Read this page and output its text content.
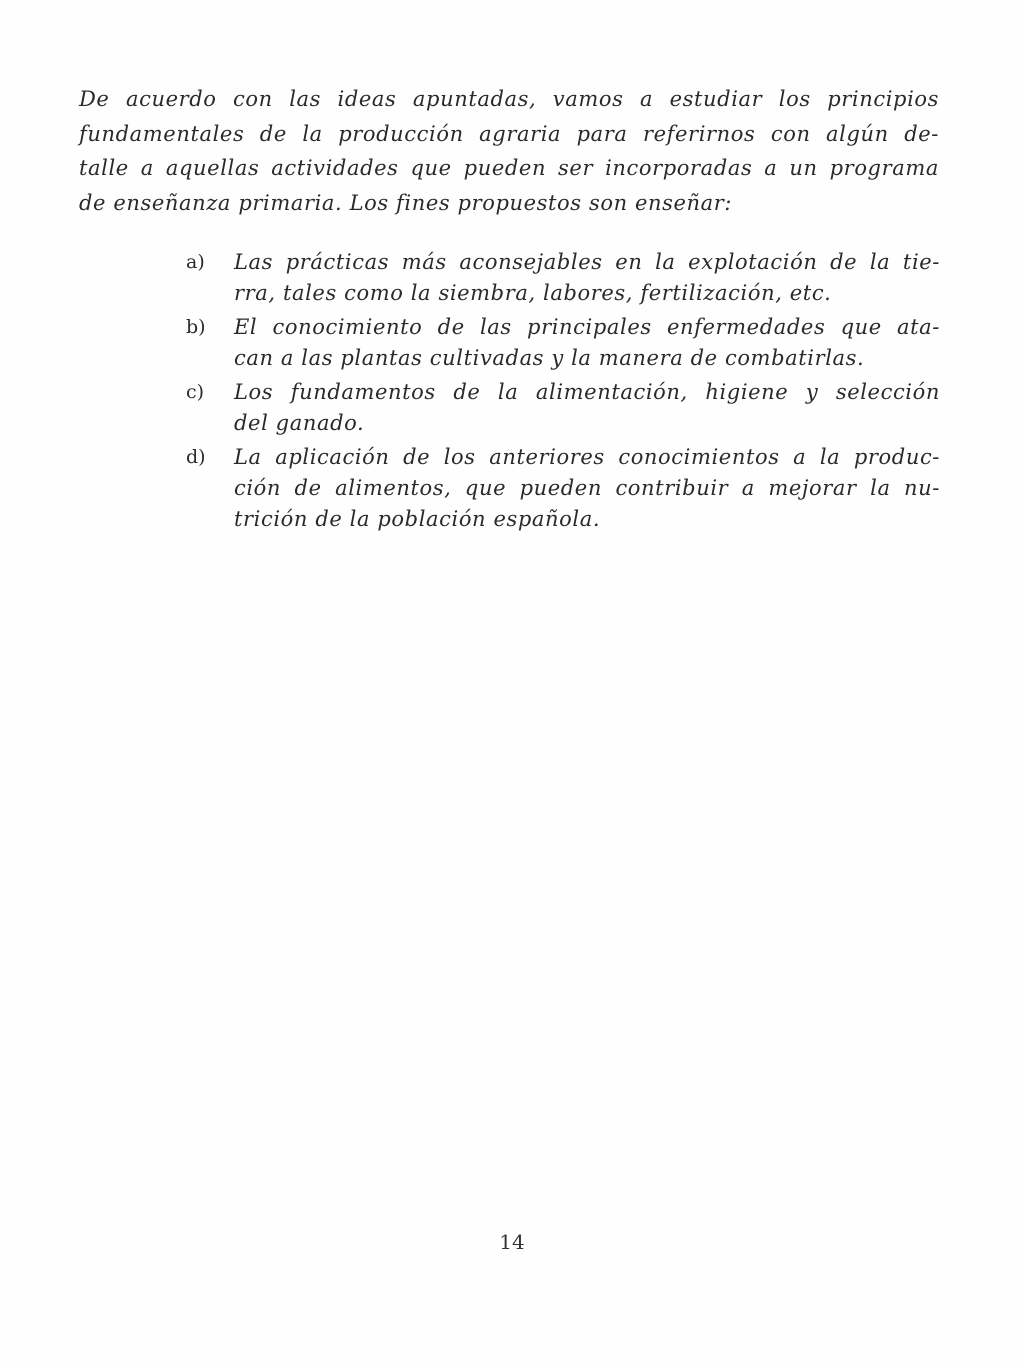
De acuerdo con las ideas apuntadas, vamos a estudiar los principios
fundamentales de la producción agraria para referirnos con algún de-
talle a aquellas actividades que pueden ser incorporadas a un programa
de enseñanza primaria. Los fines propuestos son enseñar:
a) Las prácticas más aconsejables en la explotación de la tie-
rra, tales como la siembra, labores, fertilización, etc.
b) El conocimiento de las principales enfermedades que ata-
can a las plantas cultivadas y la manera de combatirlas.
c) Los fundamentos de la alimentación, higiene y selección
del ganado.
d) La aplicación de los anteriores conocimientos a la produc-
ción de alimentos, que pueden contribuir a mejorar la nu-
trición de la población española.
14
